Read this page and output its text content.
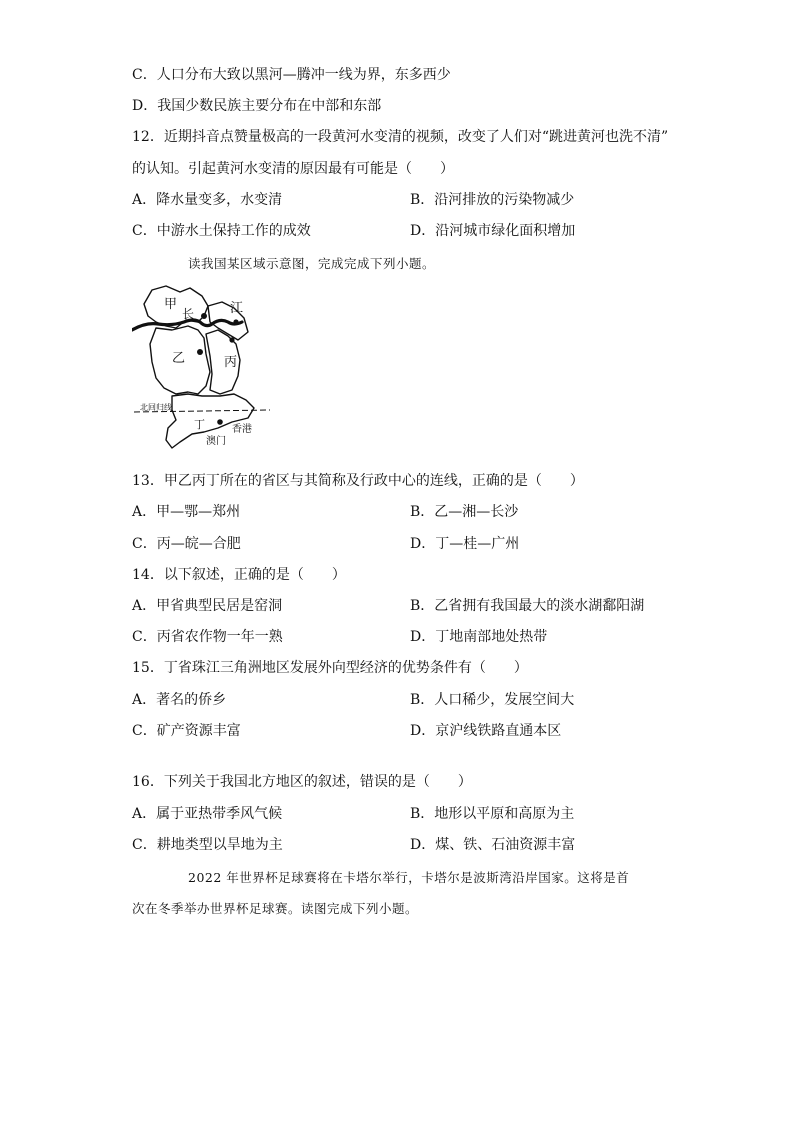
C．人口分布大致以黑河—腾冲一线为界，东多西少
D．我国少数民族主要分布在中部和东部
12．近期抖音点赞量极高的一段黄河水变清的视频，改变了人们对“跳进黄河也洗不清”
的认知。引起黄河水变清的原因最有可能是（　　）
A．降水量变多，水变清	B．沿河排放的污染物减少
C．中游水土保持工作的成效	D．沿河城市绿化面积增加
读我国某区域示意图，完成完成下列小题。
甲
长	江
乙	丙
北回归线
丁	香港
澳门
13．甲乙丙丁所在的省区与其简称及行政中心的连线，正确的是（　　）
A．甲—鄂—郑州	B．乙—湘—长沙
C．丙—皖—合肥	D．丁—桂—广州
14．以下叙述，正确的是（　　）
A．甲省典型民居是窑洞	B．乙省拥有我国最大的淡水湖鄱阳湖
C．丙省农作物一年一熟	D．丁地南部地处热带
15．丁省珠江三角洲地区发展外向型经济的优势条件有（　　）
A．著名的侨乡	B．人口稀少，发展空间大
C．矿产资源丰富	D．京沪线铁路直通本区
16．下列关于我国北方地区的叙述，错误的是（　　）
A．属于亚热带季风气候	B．地形以平原和高原为主
C．耕地类型以旱地为主	D．煤、铁、石油资源丰富
2022 年世界杯足球赛将在卡塔尔举行，卡塔尔是波斯湾沿岸国家。这将是首
次在冬季举办世界杯足球赛。读图完成下列小题。
